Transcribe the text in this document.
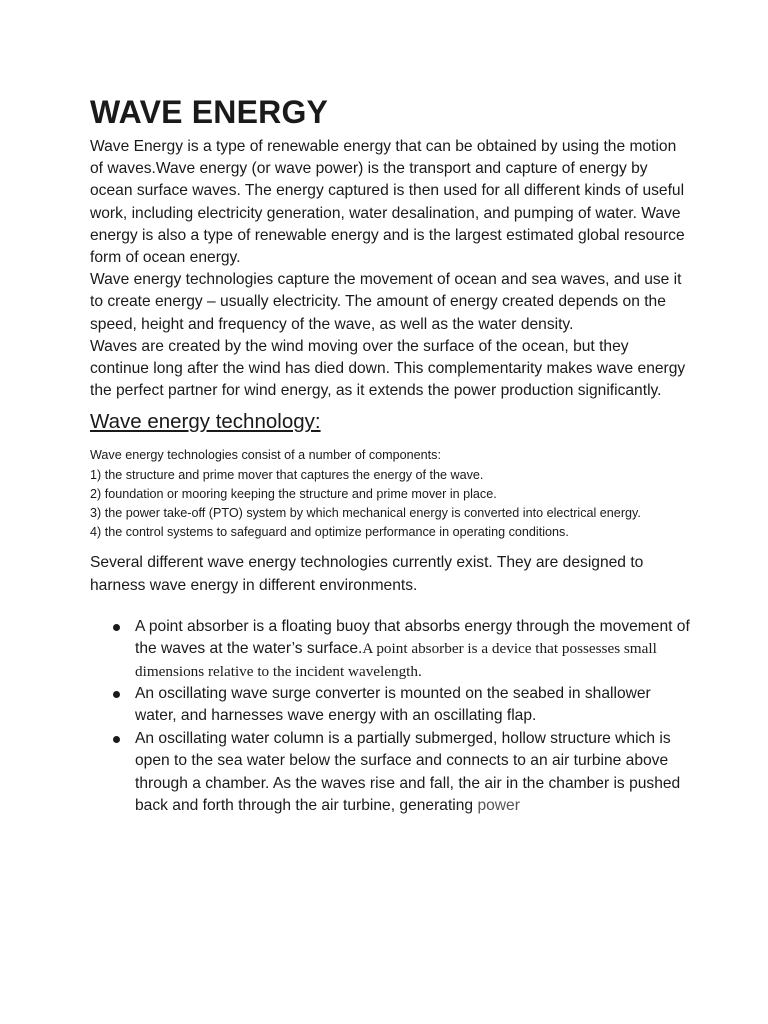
WAVE ENERGY

Wave Energy is a type of renewable energy that can be obtained by using the motion of waves.Wave energy (or wave power) is the transport and capture of energy by ocean surface waves. The energy captured is then used for all different kinds of useful work, including electricity generation, water desalination, and pumping of water. Wave energy is also a type of renewable energy and is the largest estimated global resource form of ocean energy.

Wave energy technologies capture the movement of ocean and sea waves, and use it to create energy – usually electricity. The amount of energy created depends on the speed, height and frequency of the wave, as well as the water density.

Waves are created by the wind moving over the surface of the ocean, but they continue long after the wind has died down. This complementarity makes wave energy the perfect partner for wind energy, as it extends the power production significantly.

Wave energy technology:

Wave energy technologies consist of a number of components:

1) the structure and prime mover that captures the energy of the wave.

2) foundation or mooring keeping the structure and prime mover in place.

3) the power take-off (PTO) system by which mechanical energy is converted into electrical energy.

4) the control systems to safeguard and optimize performance in operating conditions.

Several different wave energy technologies currently exist. They are designed to harness wave energy in different environments.

A point absorber is a floating buoy that absorbs energy through the movement of the waves at the water’s surface.A point absorber is a device that possesses small dimensions relative to the incident wavelength.
An oscillating wave surge converter is mounted on the seabed in shallower water, and harnesses wave energy with an oscillating flap.
An oscillating water column is a partially submerged, hollow structure which is open to the sea water below the surface and connects to an air turbine above through a chamber. As the waves rise and fall, the air in the chamber is pushed back and forth through the air turbine, generating power
